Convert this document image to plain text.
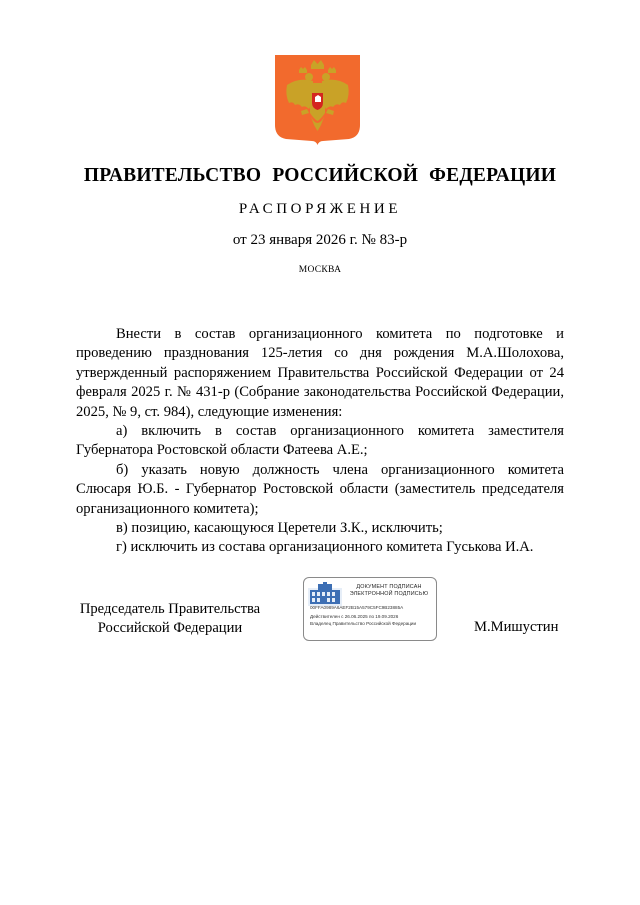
ПРАВИТЕЛЬСТВО РОССИЙСКОЙ ФЕДЕРАЦИИ
РАСПОРЯЖЕНИЕ
от 23 января 2026 г. № 83-р
МОСКВА

Внести в состав организационного комитета по подготовке и проведению празднования 125-летия со дня рождения М.А.Шолохова, утвержденный распоряжением Правительства Российской Федерации от 24 февраля 2025 г. № 431-р (Собрание законодательства Российской Федерации, 2025, № 9, ст. 984), следующие изменения:

а) включить в состав организационного комитета заместителя Губернатора Ростовской области Фатеева А.Е.;

б) указать новую должность члена организационного комитета Слюсаря Ю.Б. - Губернатор Ростовской области (заместитель председателя организационного комитета);

в) позицию, касающуюся Церетели З.К., исключить;

г) исключить из состава организационного комитета Гуськова И.А.

Председатель Правительства
Российской Федерации
ДОКУМЕНТ ПОДПИСАН ЭЛЕКТРОННОЙ ПОДПИСЬЮ
00FFA0989A6AEF2B15A579C5FC9B23885A
Действителен с 26.06.2025 по 19.09.2026
Владелец Правительство Российской Федерации	М.Мишустин
